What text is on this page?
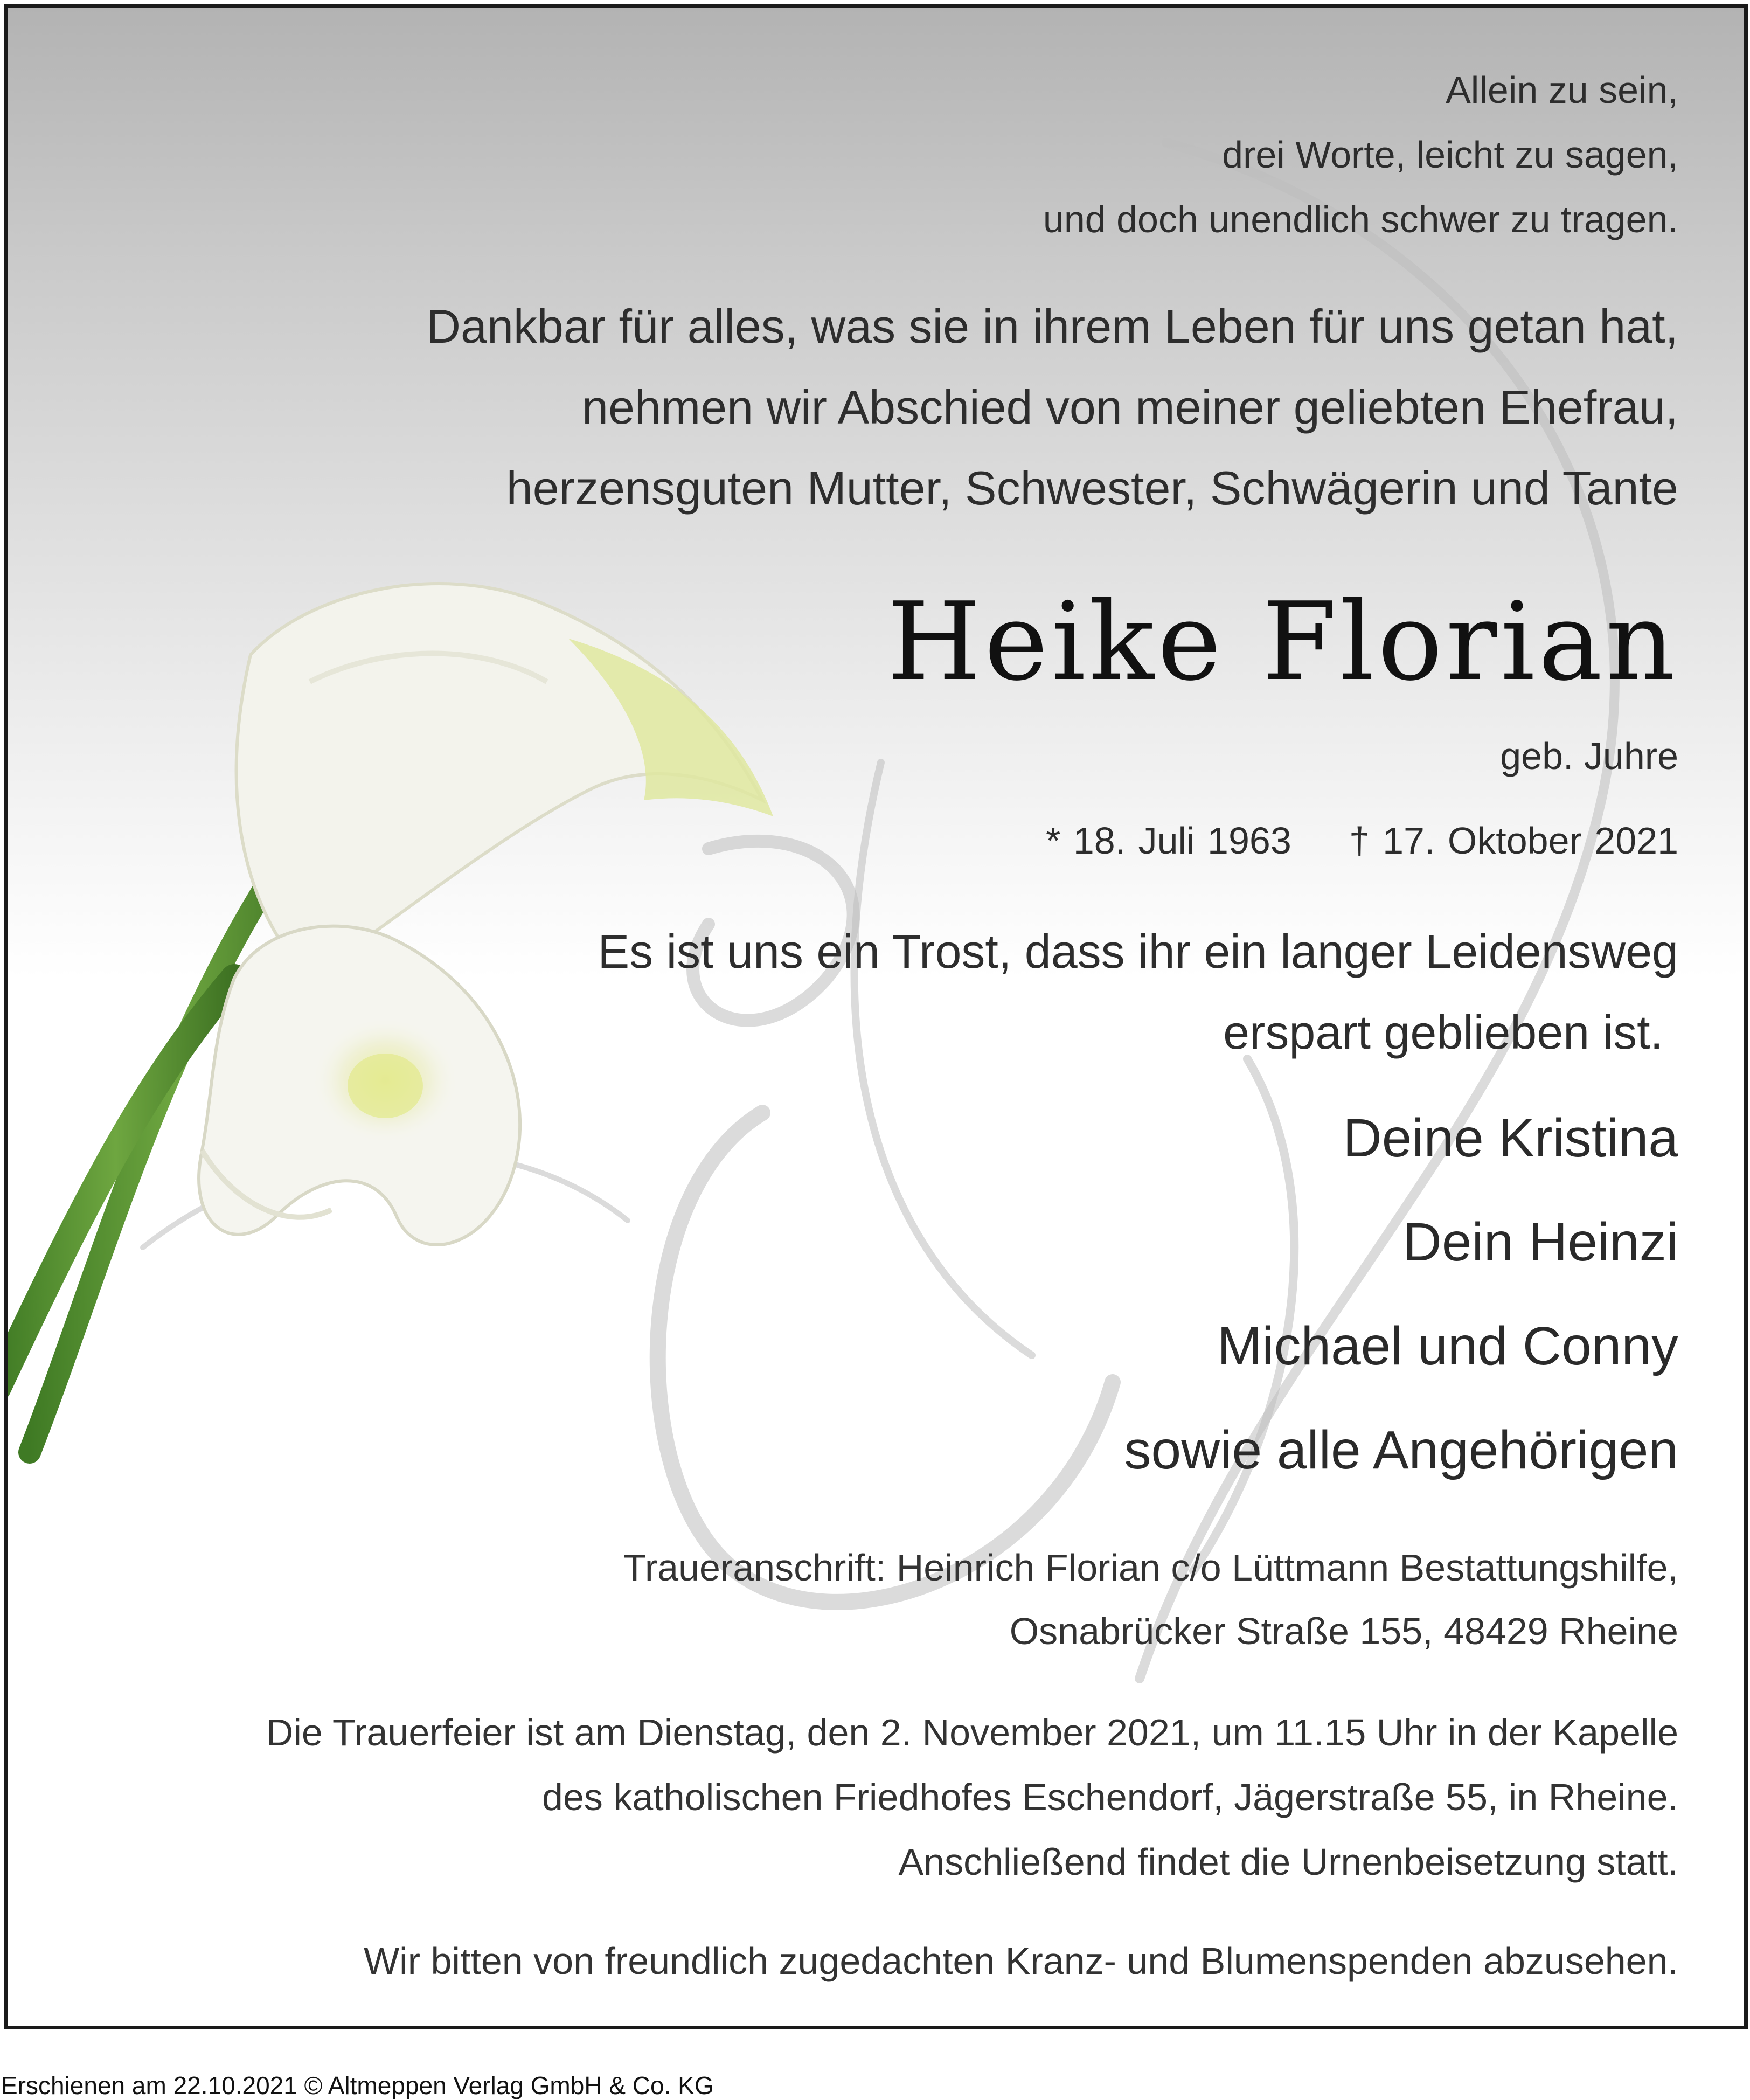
Allein zu sein,

drei Worte, leicht zu sagen,

und doch unendlich schwer zu tragen.

Dankbar für alles, was sie in ihrem Leben für uns getan hat,

nehmen wir Abschied von meiner geliebten Ehefrau,

herzensguten Mutter, Schwester, Schwägerin und Tante

Heike Florian

geb. Juhre

* 18. Juli 1963 † 17. Oktober 2021

Es ist uns ein Trost, dass ihr ein langer Leidensweg

erspart geblieben ist.

Deine Kristina

Dein Heinzi

Michael und Conny

sowie alle Angehörigen

Traueranschrift: Heinrich Florian c/o Lüttmann Bestattungshilfe,

Osnabrücker Straße 155, 48429 Rheine

Die Trauerfeier ist am Dienstag, den 2. November 2021, um 11.15 Uhr in der Kapelle

des katholischen Friedhofes Eschendorf, Jägerstraße 55, in Rheine.

Anschließend findet die Urnenbeisetzung statt.

Wir bitten von freundlich zugedachten Kranz- und Blumenspenden abzusehen.

Erschienen am 22.10.2021 © Altmeppen Verlag GmbH & Co. KG
